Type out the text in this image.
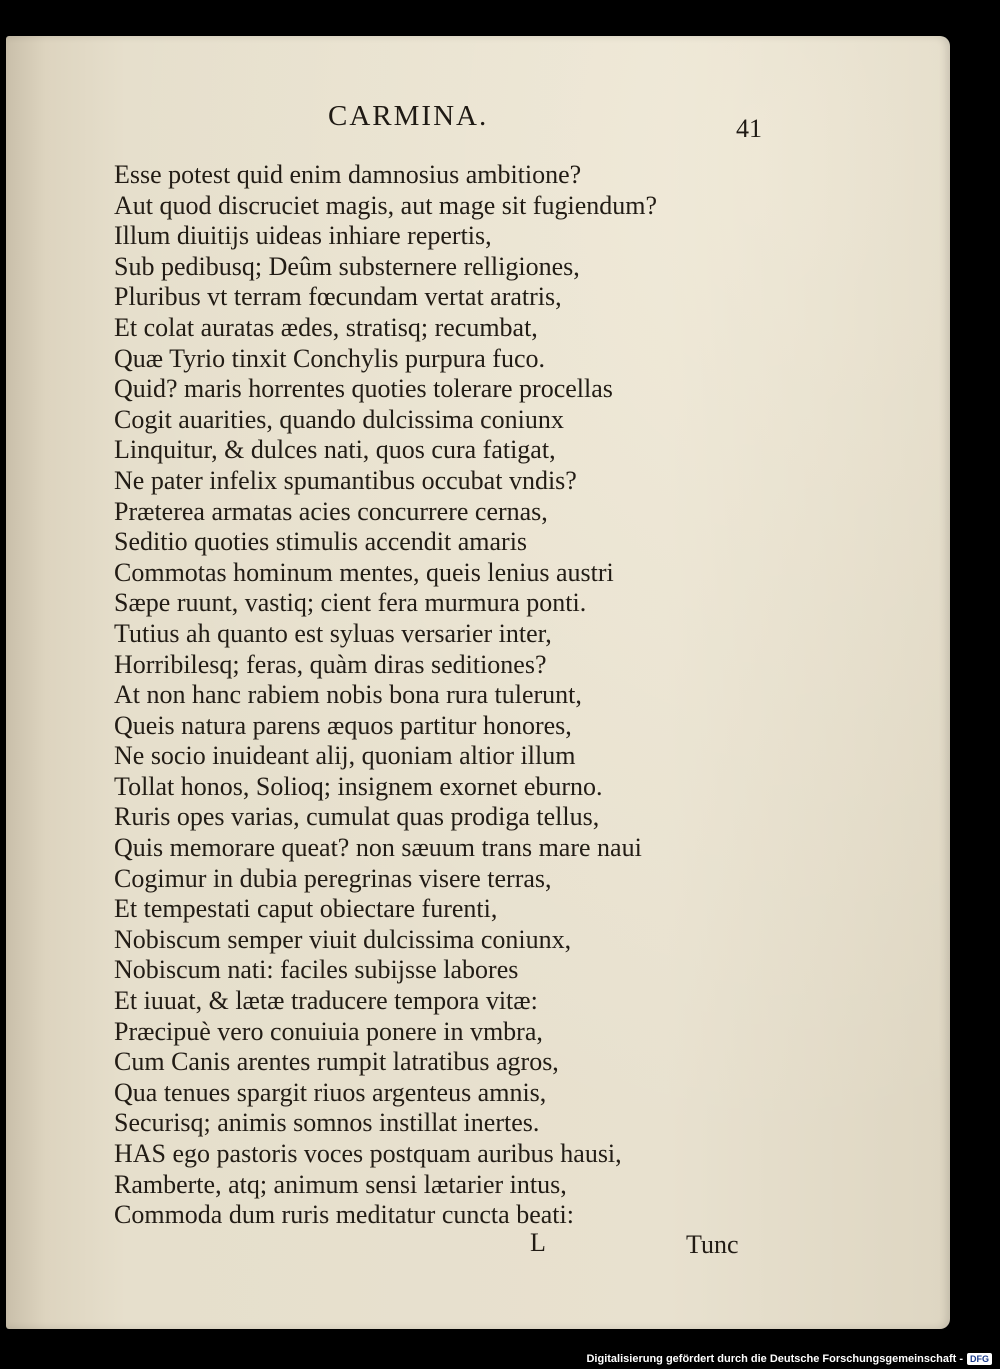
CARMINA.	41
Esse potest quid enim damnosius ambitione?
Aut quod discruciet magis, aut mage sit fugiendum?
Illum diuitijs uideas inhiare repertis,
Sub pedibusq; Deûm substernere relligiones,
Pluribus vt terram fœcundam vertat aratris,
Et colat auratas ædes, stratisq; recumbat,
Quæ Tyrio tinxit Conchylis purpura fuco.
Quid? maris horrentes quoties tolerare procellas
Cogit auarities, quando dulcissima coniunx
Linquitur, & dulces nati, quos cura fatigat,
Ne pater infelix spumantibus occubat vndis?
Præterea armatas acies concurrere cernas,
Seditio quoties stimulis accendit amaris
Commotas hominum mentes, queis lenius austri
Sæpe ruunt, vastiq; cient fera murmura ponti.
Tutius ah quanto est syluas versarier inter,
Horribilesq; feras, quàm diras seditiones?
At non hanc rabiem nobis bona rura tulerunt,
Queis natura parens æquos partitur honores,
Ne socio inuideant alij, quoniam altior illum
Tollat honos, Solioq; insignem exornet eburno.
Ruris opes varias, cumulat quas prodiga tellus,
Quis memorare queat? non sæuum trans mare naui
Cogimur in dubia peregrinas visere terras,
Et tempestati caput obiectare furenti,
Nobiscum semper viuit dulcissima coniunx,
Nobiscum nati: faciles subijsse labores
Et iuuat, & lætæ traducere tempora vitæ:
Præcipuè vero conuiuia ponere in vmbra,
Cum Canis arentes rumpit latratibus agros,
Qua tenues spargit riuos argenteus amnis,
Securisq; animis somnos instillat inertes.
HAS ego pastoris voces postquam auribus hausi,
Ramberte, atq; animum sensi lætarier intus,
Commoda dum ruris meditatur cuncta beati:
L	Tunc
Digitalisierung gefördert durch die Deutsche Forschungsgemeinschaft - DFG
